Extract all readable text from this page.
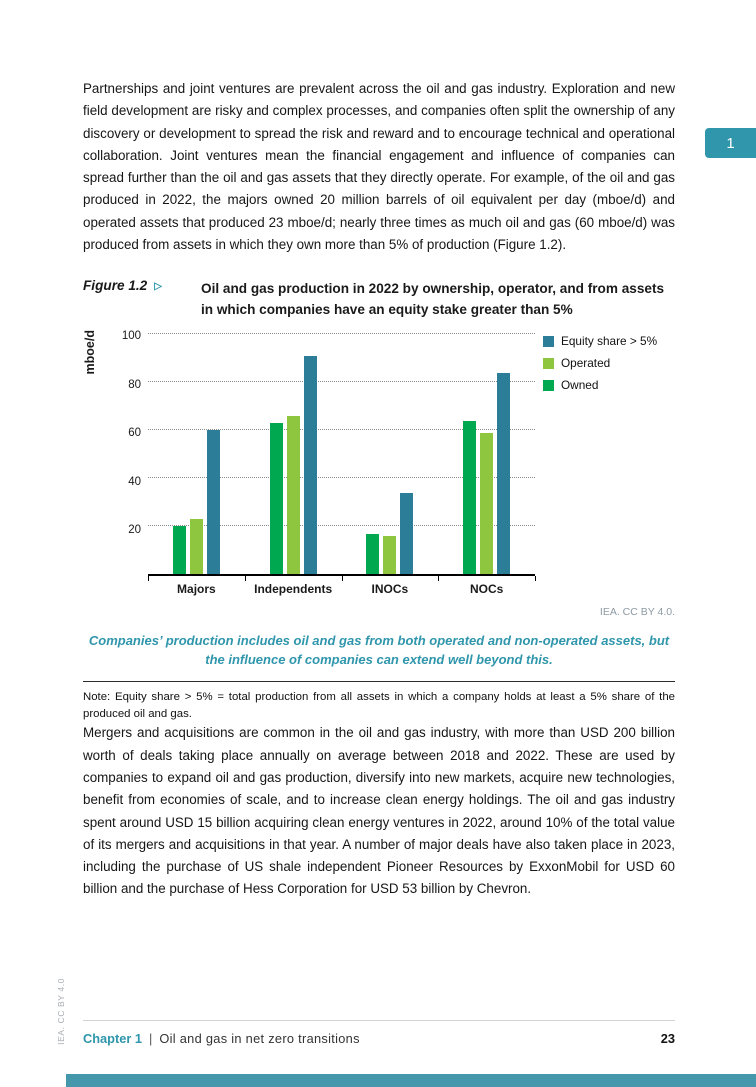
1

Partnerships and joint ventures are prevalent across the oil and gas industry. Exploration and new field development are risky and complex processes, and companies often split the ownership of any discovery or development to spread the risk and reward and to encourage technical and operational collaboration. Joint ventures mean the financial engagement and influence of companies can spread further than the oil and gas assets that they directly operate. For example, of the oil and gas produced in 2022, the majors owned 20 million barrels of oil equivalent per day (mboe/d) and operated assets that produced 23 mboe/d; nearly three times as much oil and gas (60 mboe/d) was produced from assets in which they own more than 5% of production (Figure 1.2).

Figure 1.2 ▷	Oil and gas production in 2022 by ownership, operator, and from assets in which companies have an equity stake greater than 5%
mboe/d
20
40
60
80
100	Equity share > 5%
Operated
Owned
Majors	Independents	INOCs	NOCs
IEA. CC BY 4.0.
Companies’ production includes oil and gas from both operated and non-operated assets, but the influence of companies can extend well beyond this.
Note: Equity share > 5% = total production from all assets in which a company holds at least a 5% share of the produced oil and gas.

Mergers and acquisitions are common in the oil and gas industry, with more than USD 200 billion worth of deals taking place annually on average between 2018 and 2022. These are used by companies to expand oil and gas production, diversify into new markets, acquire new technologies, benefit from economies of scale, and to increase clean energy holdings. The oil and gas industry spent around USD 15 billion acquiring clean energy ventures in 2022, around 10% of the total value of its mergers and acquisitions in that year. A number of major deals have also taken place in 2023, including the purchase of US shale independent Pioneer Resources by ExxonMobil for USD 60 billion and the purchase of Hess Corporation for USD 53 billion by Chevron.

Chapter 1 | Oil and gas in net zero transitions	23
IEA. CC BY 4.0
